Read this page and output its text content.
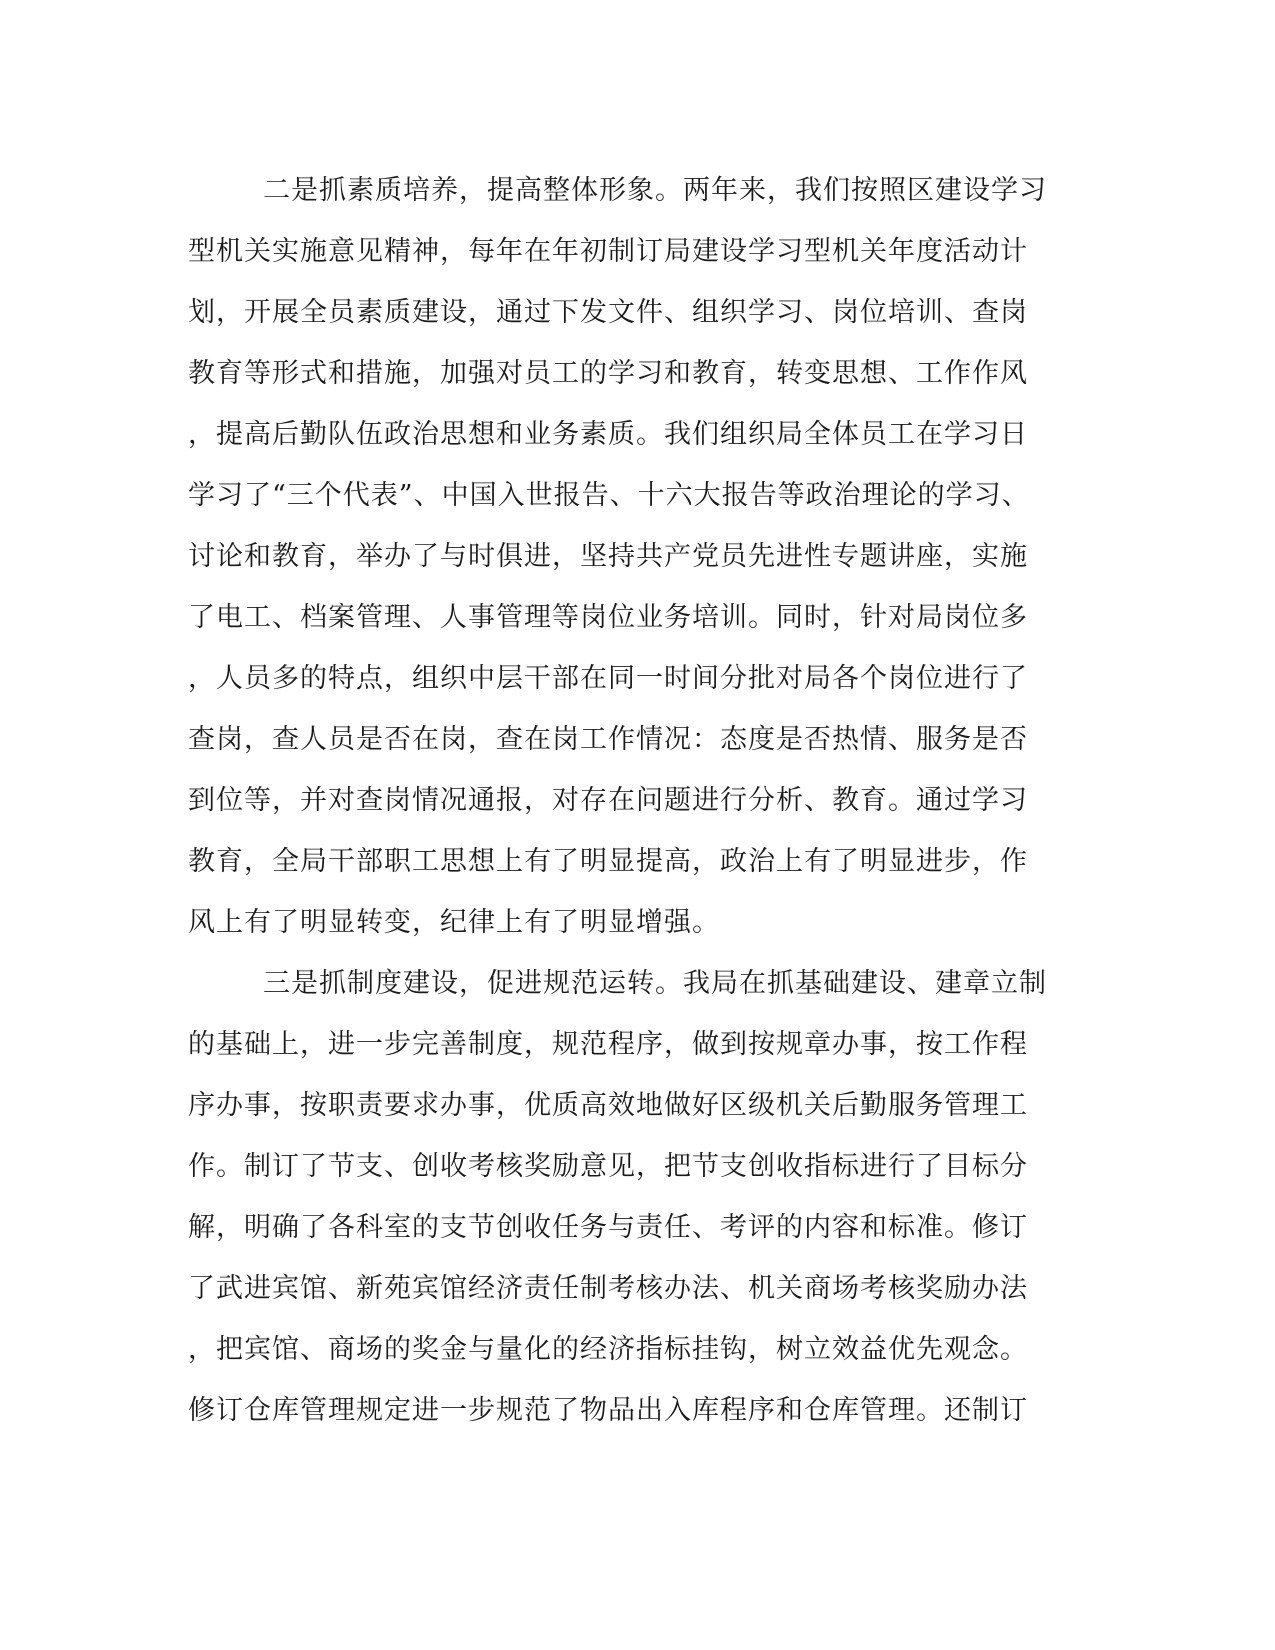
二是抓素质培养，提高整体形象。两年来，我们按照区建设学习
型机关实施意见精神，每年在年初制订局建设学习型机关年度活动计
划，开展全员素质建设，通过下发文件、组织学习、岗位培训、查岗
教育等形式和措施，加强对员工的学习和教育，转变思想、工作作风
，提高后勤队伍政治思想和业务素质。我们组织局全体员工在学习日
学习了“三个代表”、中国入世报告、十六大报告等政治理论的学习、
讨论和教育，举办了与时俱进，坚持共产党员先进性专题讲座，实施
了电工、档案管理、人事管理等岗位业务培训。同时，针对局岗位多
，人员多的特点，组织中层干部在同一时间分批对局各个岗位进行了
查岗，查人员是否在岗，查在岗工作情况：态度是否热情、服务是否
到位等，并对查岗情况通报，对存在问题进行分析、教育。通过学习
教育，全局干部职工思想上有了明显提高，政治上有了明显进步，作
风上有了明显转变，纪律上有了明显增强。
三是抓制度建设，促进规范运转。我局在抓基础建设、建章立制
的基础上，进一步完善制度，规范程序，做到按规章办事，按工作程
序办事，按职责要求办事，优质高效地做好区级机关后勤服务管理工
作。制订了节支、创收考核奖励意见，把节支创收指标进行了目标分
解，明确了各科室的支节创收任务与责任、考评的内容和标准。修订
了武进宾馆、新苑宾馆经济责任制考核办法、机关商场考核奖励办法
，把宾馆、商场的奖金与量化的经济指标挂钩，树立效益优先观念。
修订仓库管理规定进一步规范了物品出入库程序和仓库管理。还制订
